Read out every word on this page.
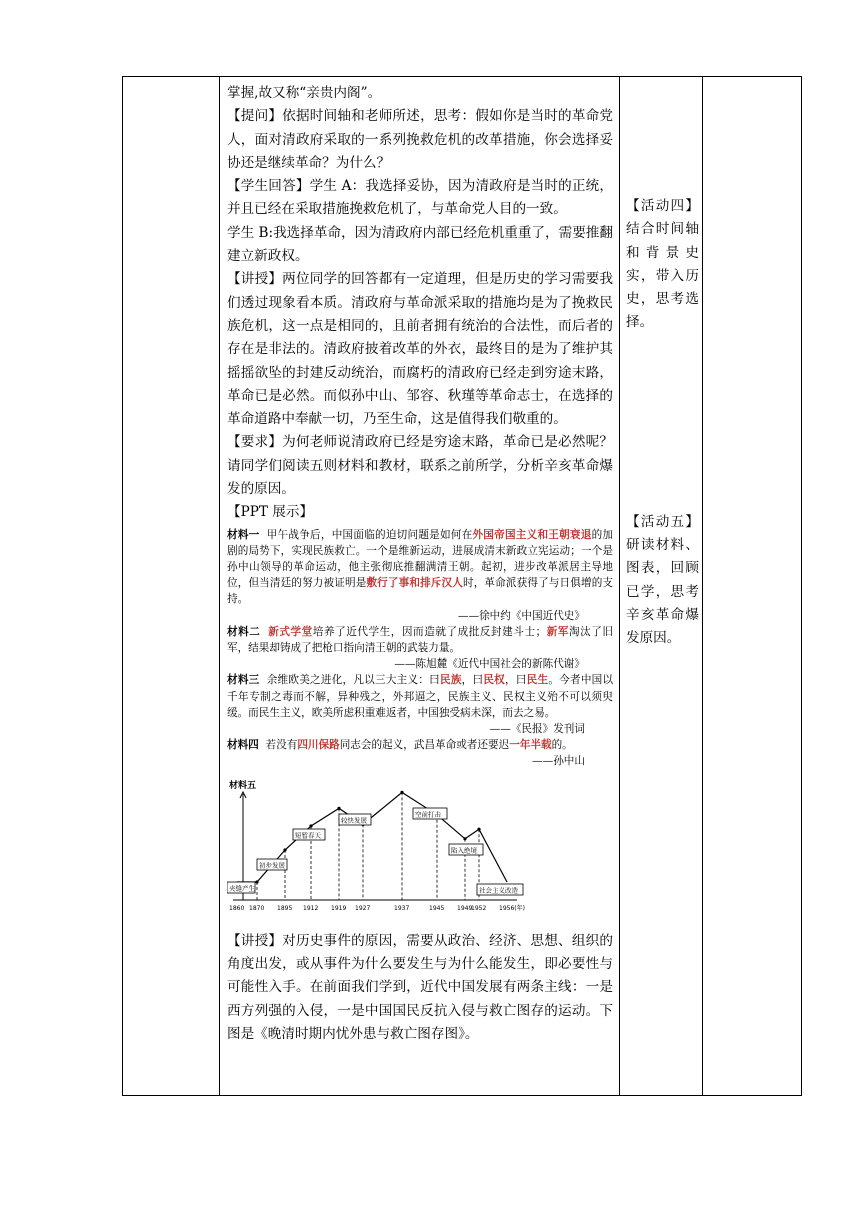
掌握,故又称“亲贵内阁”。

【提问】依据时间轴和老师所述，思考：假如你是当时的革命党人，面对清政府采取的一系列挽救危机的改革措施，你会选择妥协还是继续革命？为什么？

【学生回答】学生 A：我选择妥协，因为清政府是当时的正统，并且已经在采取措施挽救危机了，与革命党人目的一致。

学生 B:我选择革命，因为清政府内部已经危机重重了，需要推翻建立新政权。

【讲授】两位同学的回答都有一定道理，但是历史的学习需要我们透过现象看本质。清政府与革命派采取的措施均是为了挽救民族危机，这一点是相同的，且前者拥有统治的合法性，而后者的存在是非法的。清政府披着改革的外衣，最终目的是为了维护其摇摇欲坠的封建反动统治，而腐朽的清政府已经走到穷途末路，革命已是必然。而似孙中山、邹容、秋瑾等革命志士，在选择的革命道路中奉献一切，乃至生命，这是值得我们敬重的。

【要求】为何老师说清政府已经是穷途末路，革命已是必然呢？请同学们阅读五则材料和教材，联系之前所学，分析辛亥革命爆发的原因。

【PPT 展示】

材料一 甲午战争后，中国面临的迫切问题是如何在外国帝国主义和王朝衰退的加剧的局势下，实现民族救亡。一个是维新运动，进展成清末新政立宪运动；一个是孙中山领导的革命运动，他主张彻底推翻满清王朝。起初，进步改革派居主导地位，但当清廷的努力被证明是敷行了事和排斥汉人时，革命派获得了与日俱增的支持。

——徐中约《中国近代史》

材料二 新式学堂培养了近代学生，因而造就了成批反封建斗士；新军淘汰了旧军，结果却铸成了把枪口指向清王朝的武装力量。

——陈旭麓《近代中国社会的新陈代谢》

材料三 余维欧美之进化，凡以三大主义：曰民族，曰民权，曰民生。今者中国以千年专制之毒而不解，异种残之，外邦逼之，民族主义、民权主义殆不可以须臾缓。而民生主义，欧美所虑积重难返者，中国独受病未深，而去之易。

——《民报》发刊词

材料四 若没有四川保路同志会的起义，武昌革命或者还要迟一年半载的。

——孙中山

材料五
1860 1870 1895 1912 1919 1927	1937	1945 1949
1952 1956(年)
夹缝产生
初步发展
短暂春天
较快发展
空前打击
陷入绝境
社会主义改造

【讲授】对历史事件的原因，需要从政治、经济、思想、组织的角度出发，或从事件为什么要发生与为什么能发生，即必要性与可能性入手。在前面我们学到，近代中国发展有两条主线：一是西方列强的入侵，一是中国国民反抗入侵与救亡图存的运动。下图是《晚清时期内忧外患与救亡图存图》。

【活动四】结合时间轴和背景史实，带入历史，思考选择。

【活动五】研读材料、图表，回顾已学，思考辛亥革命爆发原因。
